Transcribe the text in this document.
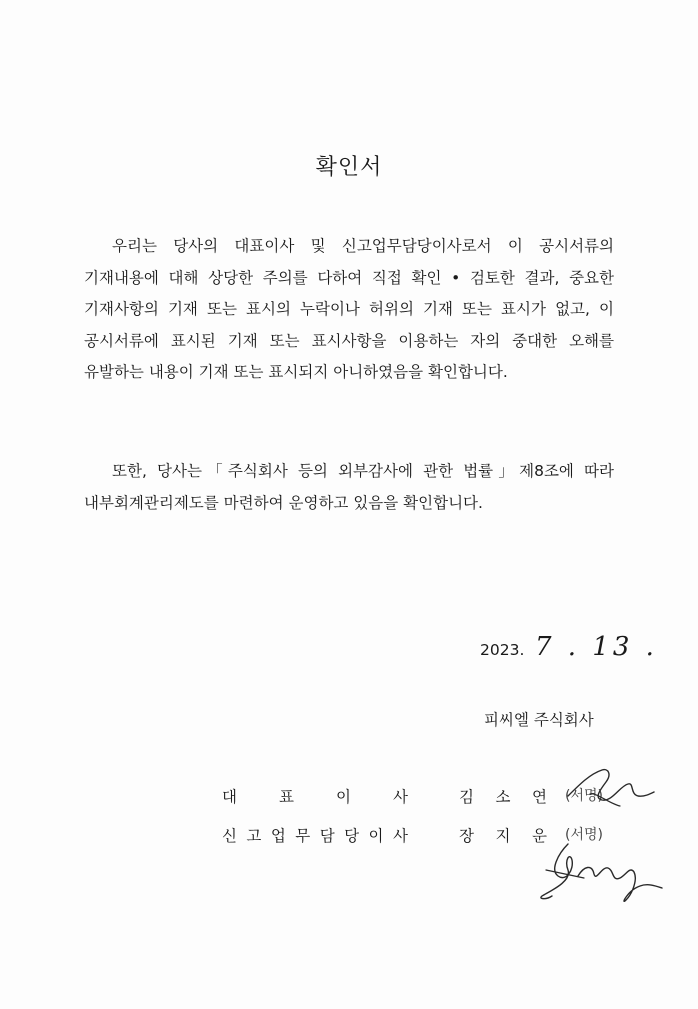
확인서
우리는 당사의 대표이사 및 신고업무담당이사로서 이 공시서류의 기재내용에 대해 상당한 주의를 다하여 직접 확인 • 검토한 결과, 중요한 기재사항의 기재 또는 표시의 누락이나 허위의 기재 또는 표시가 없고, 이 공시서류에 표시된 기재 또는 표시사항을 이용하는 자의 중대한 오해를 유발하는 내용이 기재 또는 표시되지 아니하였음을 확인합니다.
또한, 당사는「주식회사 등의 외부감사에 관한 법률」제8조에 따라 내부회계관리제도를 마련하여 운영하고 있음을 확인합니다.
2023. 7 . 13 .
피씨엘 주식회사
대	표	이	사	김 소 연 (서명)
신 고 업 무 담 당 이 사	장 지 운 (서명)
